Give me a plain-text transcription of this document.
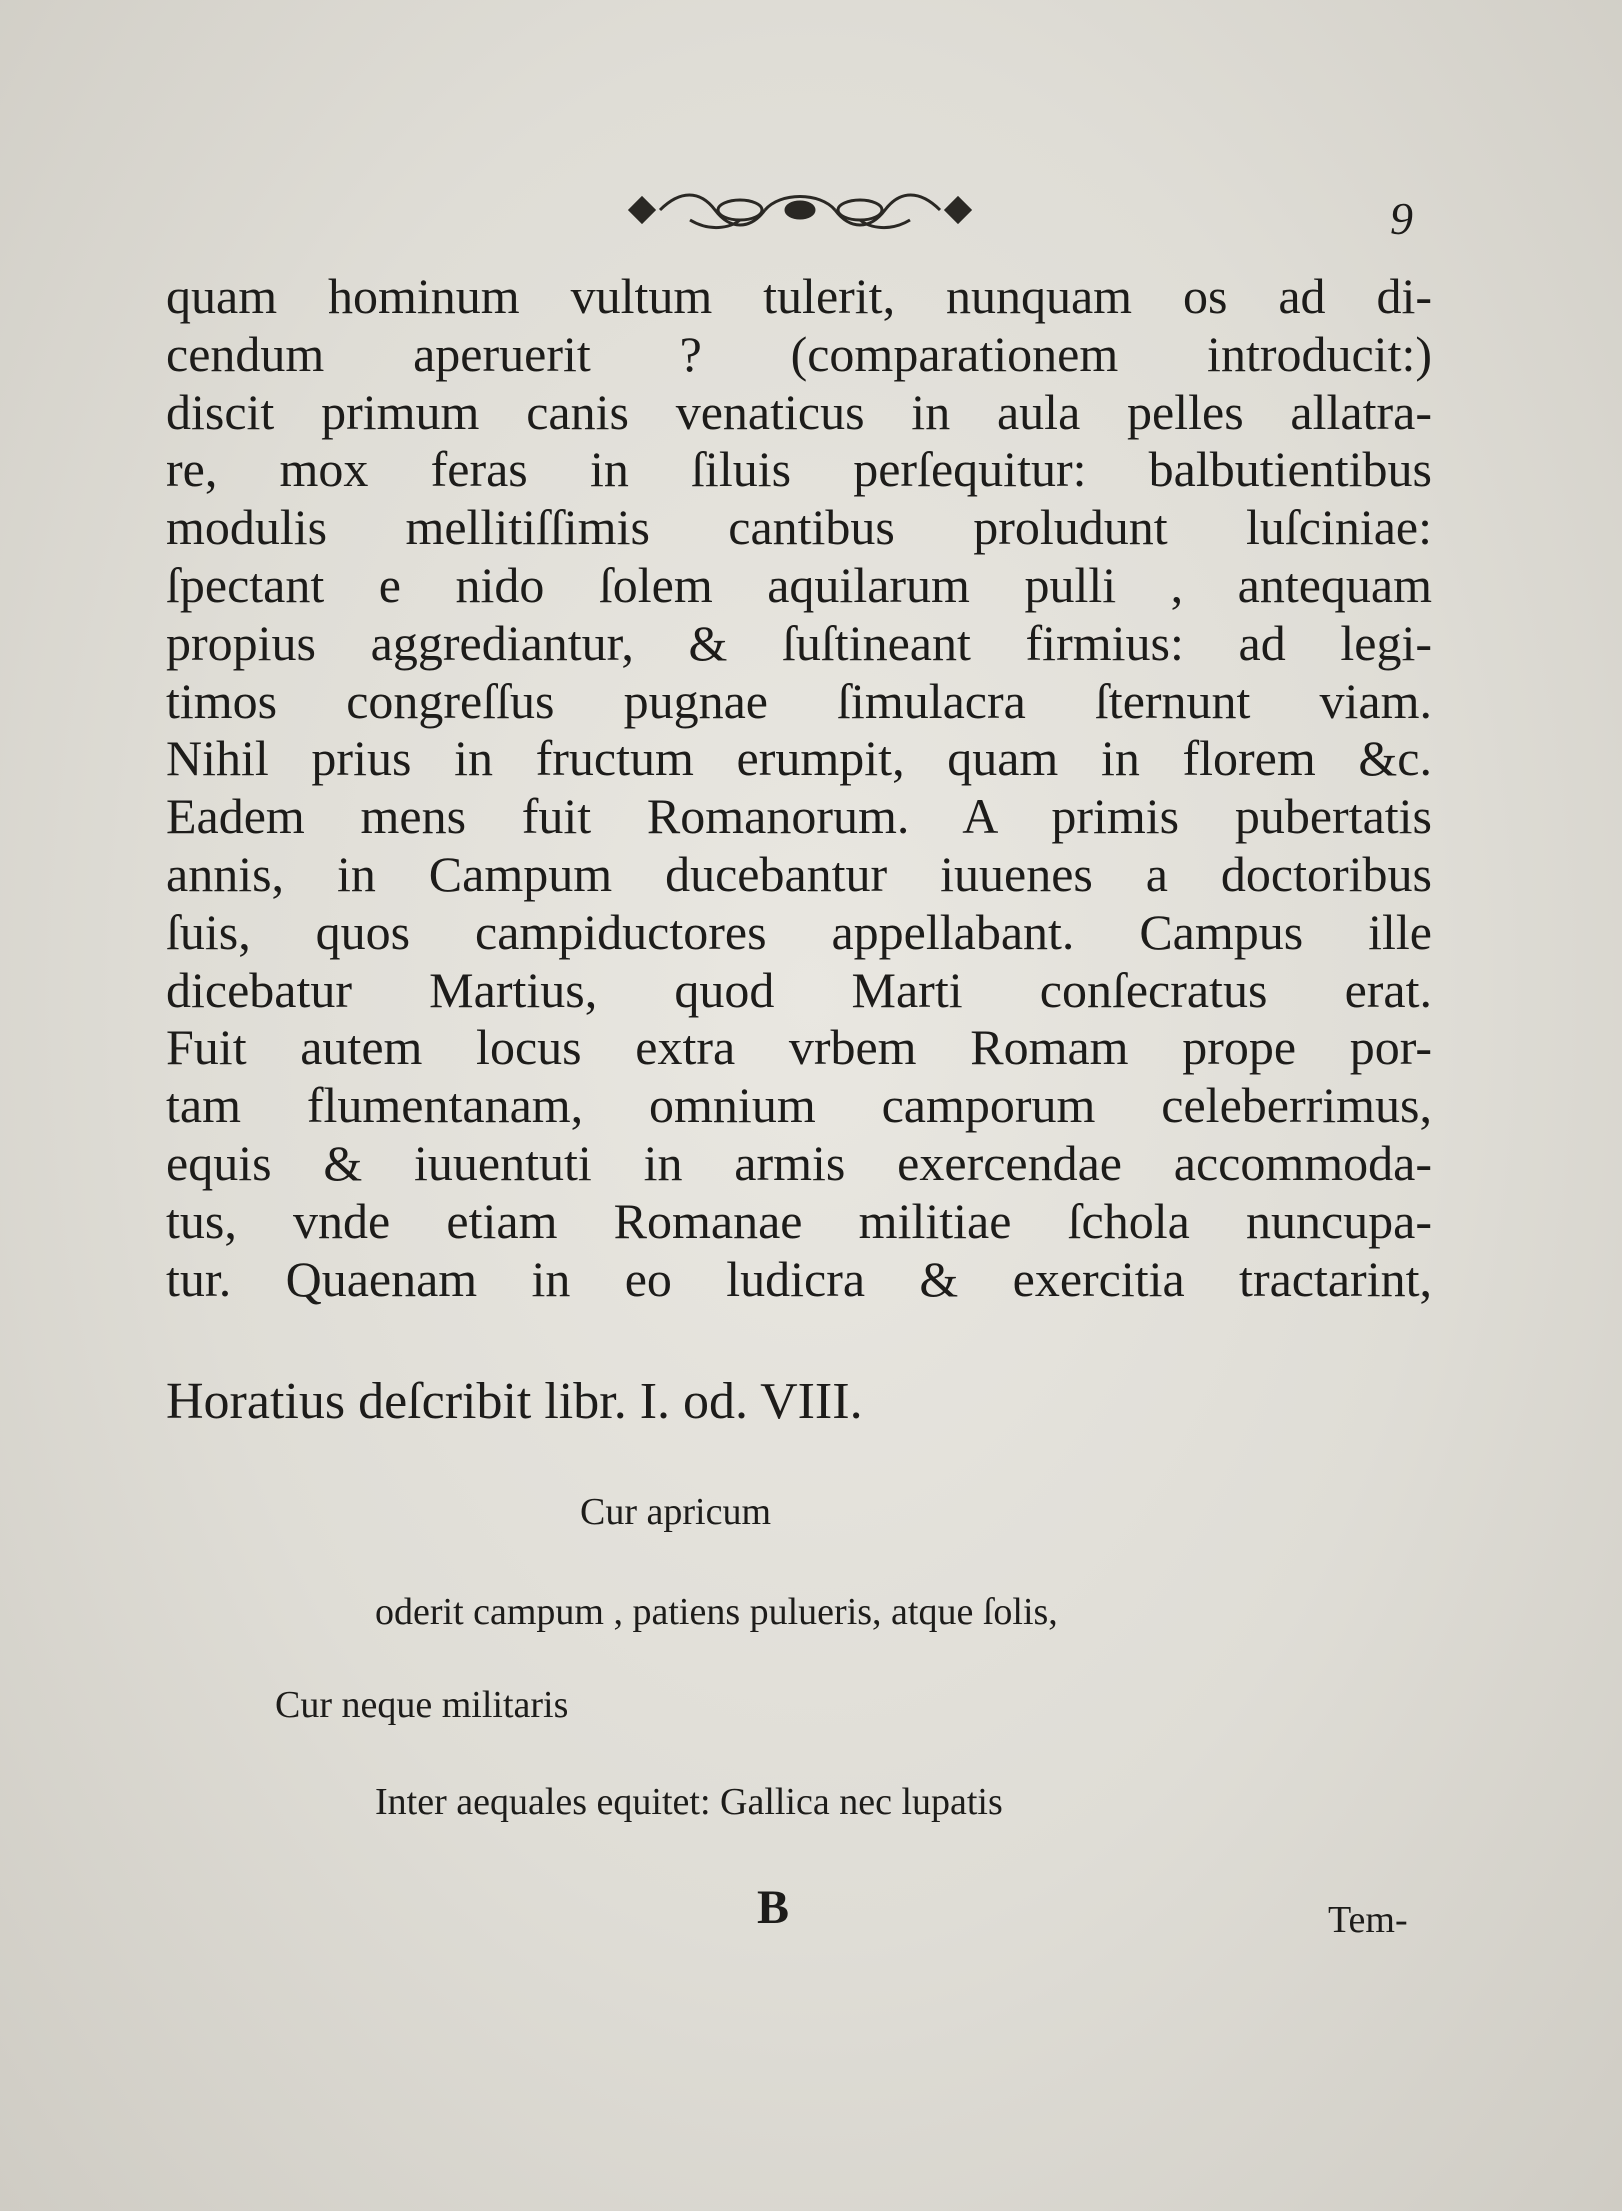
9

quam hominum vultum tulerit, nunquam os ad di-
cendum aperuerit ? (comparationem introducit:)
discit primum canis venaticus in aula pelles allatra-
re, mox feras in ſiluis perſequitur: balbutientibus
modulis mellitiſſimis cantibus proludunt luſciniae:
ſpectant e nido ſolem aquilarum pulli , antequam
propius aggrediantur, & ſuſtineant firmius: ad legi-
timos congreſſus pugnae ſimulacra ſternunt viam.
Nihil prius in fructum erumpit, quam in florem &c.
Eadem mens fuit Romanorum. A primis pubertatis
annis, in Campum ducebantur iuuenes a doctoribus
ſuis, quos campiductores appellabant. Campus ille
dicebatur Martius, quod Marti conſecratus erat.
Fuit autem locus extra vrbem Romam prope por-
tam flumentanam, omnium camporum celeberrimus,
equis & iuuentuti in armis exercendae accommoda-
tus, vnde etiam Romanae militiae ſchola nuncupa-
tur. Quaenam in eo ludicra & exercitia tractarint,

Horatius deſcribit libr. I. od. VIII.
Cur apricum
oderit campum , patiens pulueris, atque ſolis,
Cur neque militaris
Inter aequales equitet: Gallica nec lupatis
B	Tem-
